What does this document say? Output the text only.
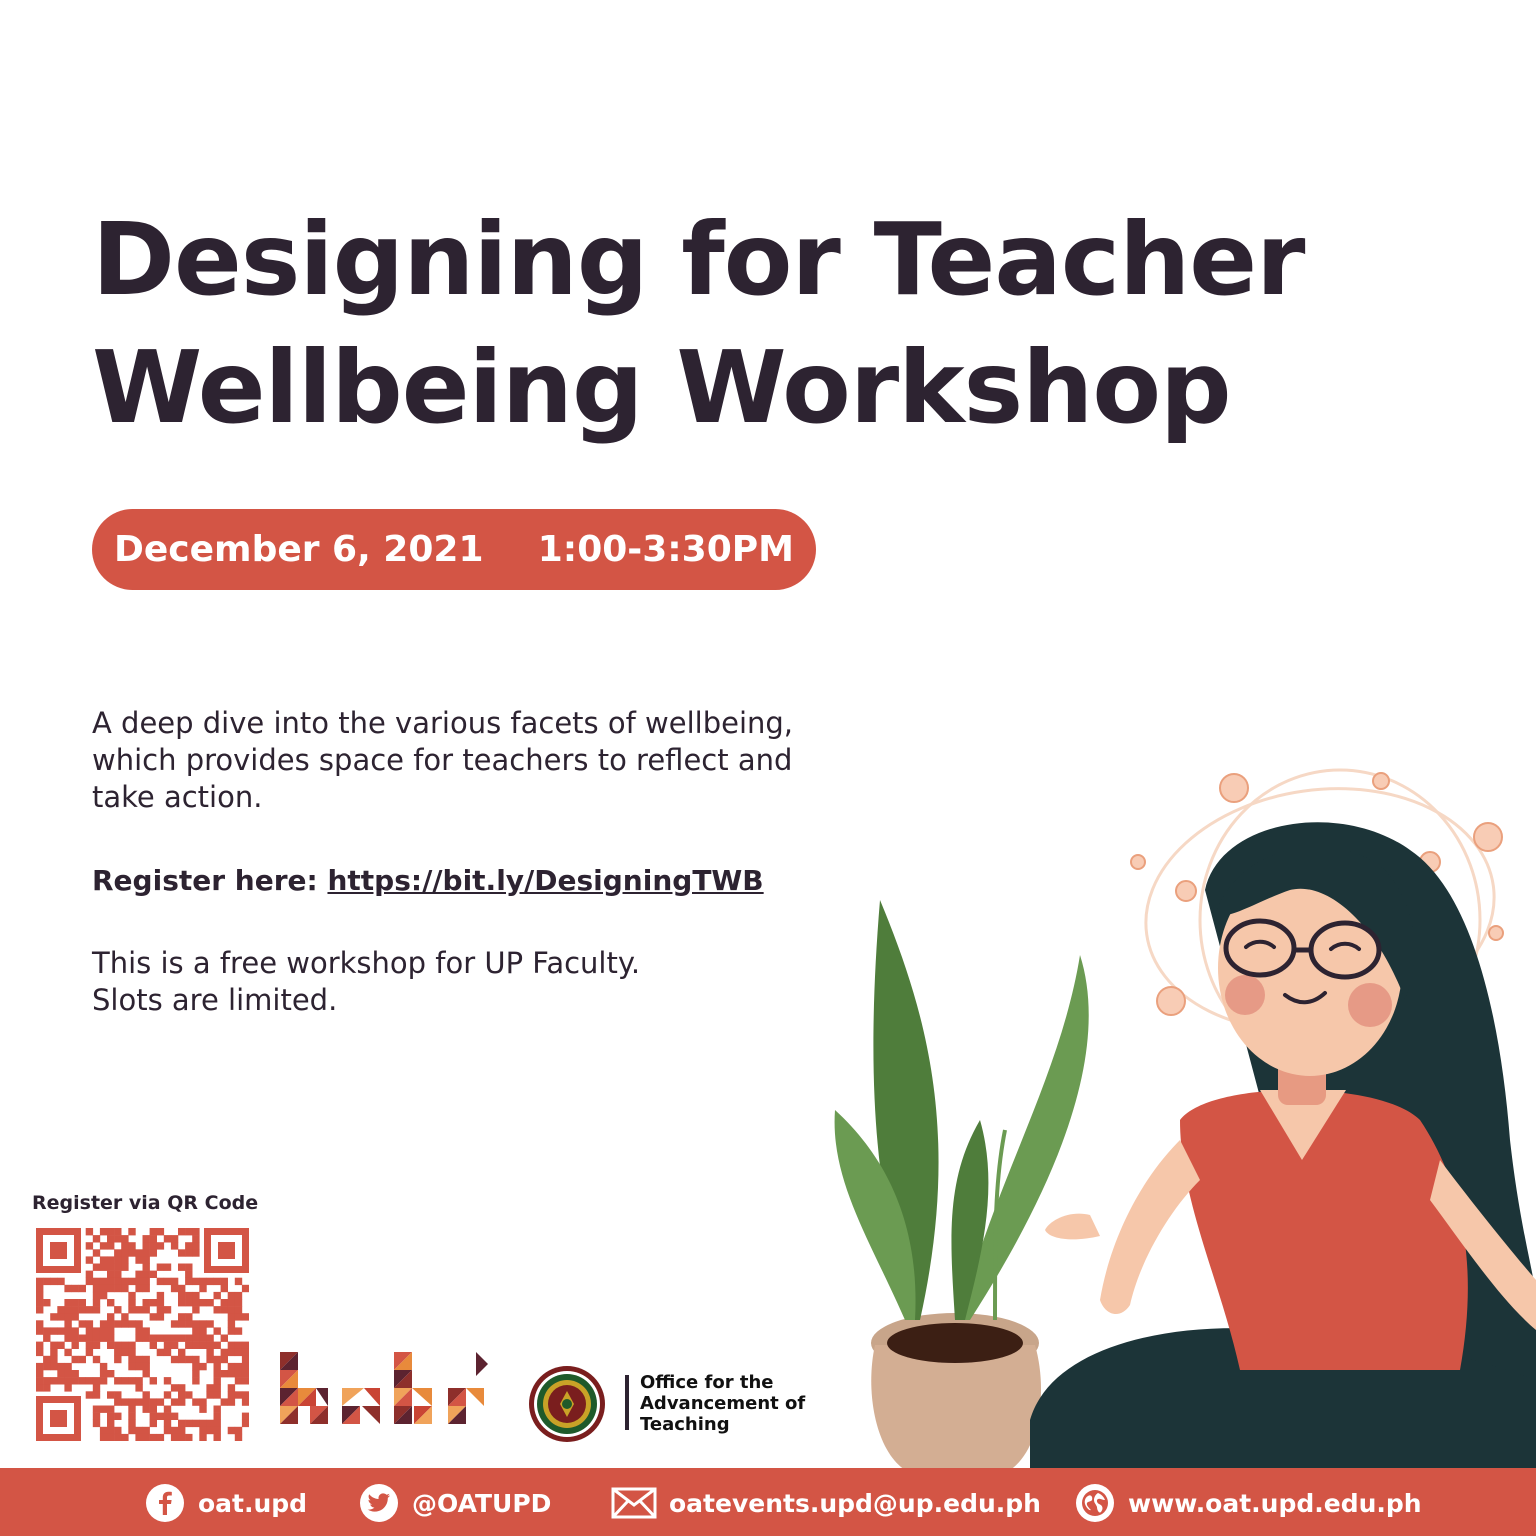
Designing for Teacher
Wellbeing Workshop
December 6, 2021 1:00-3:30PM

A deep dive into the various facets of wellbeing,
which provides space for teachers to reflect and
take action.

Register here: https://bit.ly/DesigningTWB
This is a free workshop for UP Faculty.
Slots are limited.
Register via QR Code
Office for the
Advancement of
Teaching
oat.upd	@OATUPD	oatevents.upd@up.edu.ph	www.oat.upd.edu.ph
